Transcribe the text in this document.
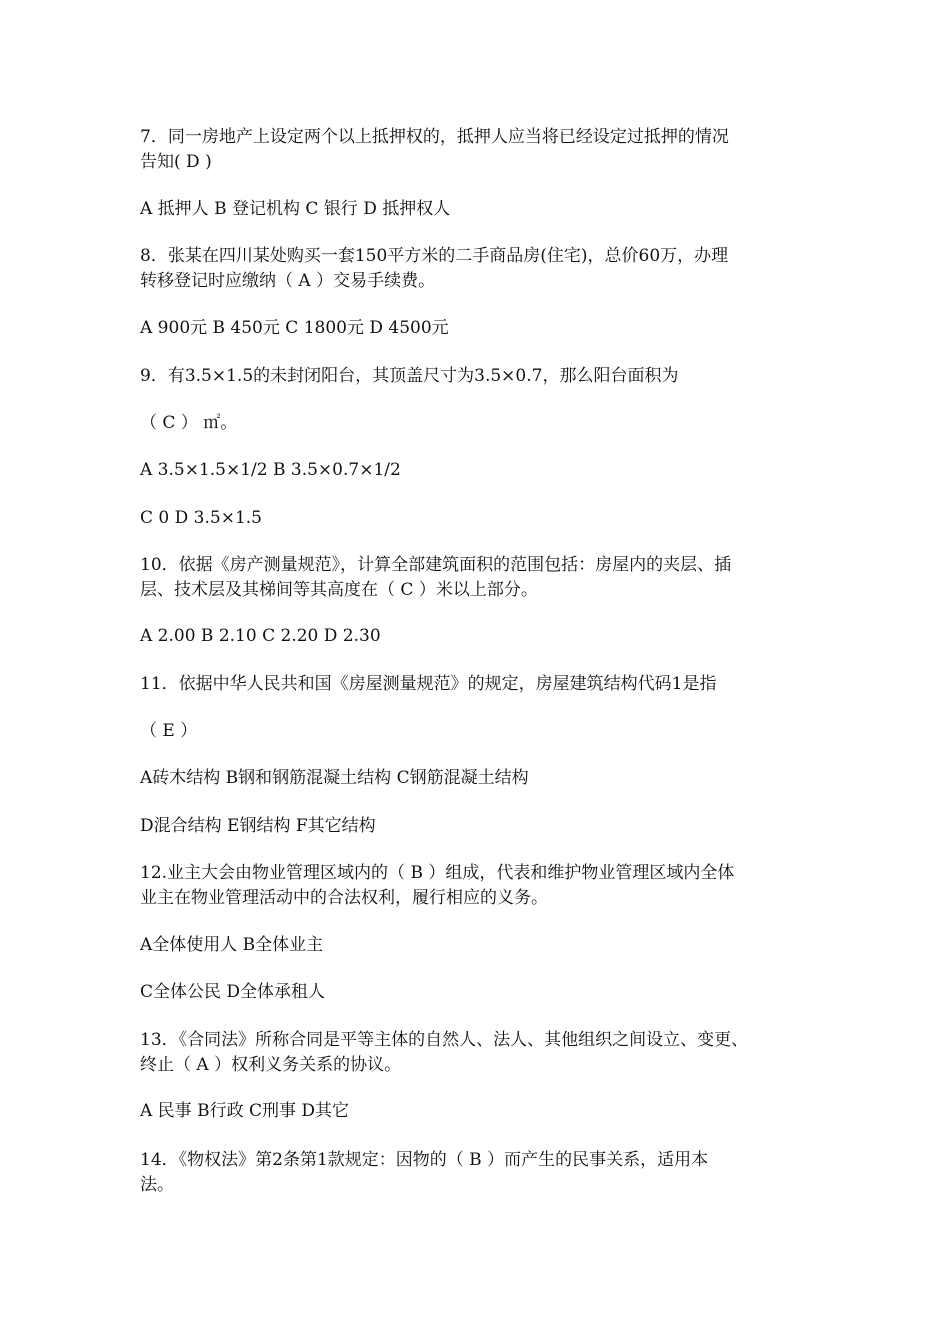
7．同一房地产上设定两个以上抵押权的，抵押人应当将已经设定过抵押的情况
告知( D )

A 抵押人 B 登记机构 C 银行 D 抵押权人

8．张某在四川某处购买一套150平方米的二手商品房(住宅)，总价60万，办理
转移登记时应缴纳（ A ）交易手续费。

A 900元 B 450元 C 1800元 D 4500元

9．有3.5×1.5的未封闭阳台，其顶盖尺寸为3.5×0.7，那么阳台面积为

（ C ） ㎡。

A 3.5×1.5×1/2 B 3.5×0.7×1/2

C 0 D 3.5×1.5

10．依据《房产测量规范》，计算全部建筑面积的范围包括：房屋内的夹层、插
层、技术层及其梯间等其高度在（ C ）米以上部分。

A 2.00 B 2.10 C 2.20 D 2.30

11．依据中华人民共和国《房屋测量规范》的规定，房屋建筑结构代码1是指

（ E ）

A砖木结构 B钢和钢筋混凝土结构 C钢筋混凝土结构

D混合结构 E钢结构 F其它结构

12.业主大会由物业管理区域内的（ B ）组成，代表和维护物业管理区域内全体
业主在物业管理活动中的合法权利，履行相应的义务。

A全体使用人 B全体业主

C全体公民 D全体承租人

13．《合同法》所称合同是平等主体的自然人、法人、其他组织之间设立、变更、
终止（ A ）权利义务关系的协议。

A 民事 B行政 C刑事 D其它

14．《物权法》第2条第1款规定：因物的（ B ）而产生的民事关系，适用本
法。
